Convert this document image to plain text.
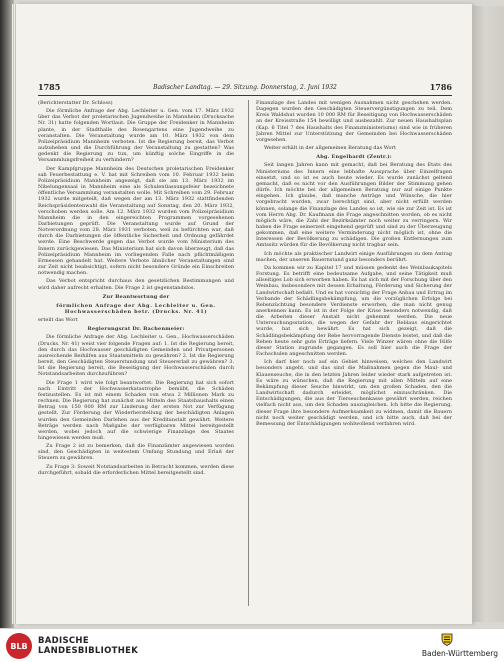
1785	Badischer Landtag. — 29. Sitzung. Donnerstag, 2. Juni 1932	1786

(Berichterstatter Dr. Schloss)

Die förmliche Anfrage der Abg. Lechleiter u. Gen. vom 17. März 1932 über das Verbot der proletarischen Jugendweihe in Mannheim (Drucksache Nr. 31) hatte folgenden Wortlaut: Die Gruppe der Freidenker in Mannheim plante, in der Stadthalle des Rosengartens eine Jugendweihe zu veranstalten. Die Veranstaltung wurde am 10. März 1932 von dem Polizeipräsidium Mannheim verboten. Ist die Regierung bereit, das Verbot aufzuheben und die Durchführung der Veranstaltung zu gestatten? Was gedenkt die Regierung zu tun, um künftig solche Eingriffe in die Versammlungsfreiheit zu verhindern?

Der Kampfgruppe Mannheim des Deutschen proletarischen Freidenker sah Feuerbestattung e. V. hat mit Schreiben vom 10. Februar 1932 beim Polizeipräsidium Mannheim angezeigt, daß sie am 13. März 1932 im Nibelungensaal in Mannheim eine als Schulentlassungsfeier bezeichnete öffentliche Versammlung veranstalten wolle. Mit Schreiben vom 29. Februar 1932 wurde mitgeteilt, daß wegen der am 13. März 1932 stattfindenden Reichspräsidentenwahl die Veranstaltung auf Sonntag, den 20. März 1932, verschoben werden solle. Am 12. März 1932 wurden vom Polizeipräsidium Mannheim die in den eingereichten Programmen vorgesehenen Darbietungen geprüft. Die Veranstaltung wurde auf Grund der Notverordnung vom 28. März 1931 verboten, weil zu befürchten war, daß durch die Darbietungen die öffentliche Sicherheit und Ordnung gefährdet werde. Eine Beschwerde gegen das Verbot wurde vom Ministerium des Innern zurückgewiesen. Das Ministerium hat sich davon überzeugt, daß das Polizeipräsidium Mannheim im vorliegenden Falle nach pflichtmäßigem Ermessen gehandelt hat. Weitere Verbote ähnlicher Veranstaltungen sind zur Zeit nicht beabsichtigt, sofern nicht besondere Gründe ein Einschreiten notwendig machen.

Das Verbot entspricht durchaus den gesetzlichen Bestimmungen und wird daher aufrecht erhalten. Die Frage 2 ist gegenstandslos.

Zur Beantwortung der

förmlichen Anfrage der Abg. Lechleiter u. Gen. Hochwasserschäden betr. (Drucks. Nr. 41)

erteilt das Wort

Regierungsrat Dr. Bachenmeier:

Die förmliche Anfrage der Abg. Lechleiter u. Gen., Hochwasserschäden (Drucks. Nr. 41) weist vier folgende Fragen auf: 1. Ist die Regierung bereit, den durch das Hochwasser geschädigten Gemeinden und Privatpersonen ausreichende Beihilfen aus Staatsmitteln zu gewähren? 2. Ist die Regierung bereit, den Geschädigten Steuerstundung und Steuererlaß zu gewähren? 3. Ist die Regierung bereit, die Beseitigung der Hochwasserschäden durch Notstandsarbeiten durchzuführen?

Die Frage 1 wird wie folgt beantwortet: Die Regierung hat sich sofort nach Eintritt der Hochwasserkatastrophe bemüht, die Schäden festzustellen. Es ist mit einem Schaden von etwa 2 Millionen Mark zu rechnen. Die Regierung hat zunächst aus Mitteln des Staatshaushalts einen Betrag von 150 000 RM zur Linderung der ersten Not zur Verfügung gestellt. Zur Förderung der Wiederherstellung der beschädigten Anlagen wurden den Gemeinden Darlehen aus der Kreditanstalt gewährt. Weitere Beträge werden nach Maßgabe der verfügbaren Mittel bereitgestellt werden, wobei jedoch auf die schwierige Finanzlage des Staates hingewiesen werden muß.

Zu Frage 2 ist zu bemerken, daß die Finanzämter angewiesen worden sind, den Geschädigten in weitestem Umfang Stundung und Erlaß der Steuern zu gewähren.

Zu Frage 3: Soweit Notstandsarbeiten in Betracht kommen, werden diese durchgeführt, sobald die erforderlichen Mittel bereitgestellt sind.

Finanzlage des Landes mit wenigen Ausnahmen nicht geschehen werden. Dagegen wurden den Geschädigten Steuervergünstigungen zu teil. Dem Kreis Waldshut wurden 10 000 RM für Beseitigung von Hochwasserschäden an der Kreisstraße 154 bewilligt und ausbezahlt. Zur neuen Haushaltsplan (Kap. 6 Titel 7 des Haushalts des Finanzministeriums) sind wie in früheren Jahren Mittel zur Unterstützung der Gemeinden bei Hochwasserschäden vorgesehen.

Weiter erhält in der allgemeinen Beratung das Wort

Abg. Engelhardt (Zentr.):

Seit langen Jahren kann mit gemacht, daß bei Beratung des Etats des Ministeriums des Innern eine lebhafte Aussprache über Einzelfragen einsetzt, und so ist es auch heute wieder. Es wurde zunächst geltend gemacht, daß es nicht vor den Ausführungen Bilder der Stimmung gehen dürfe. Ich möchte bei der allgemeinen Beratung nur auf einige Punkte eingehen. Ich glaube, daß manche Anträge und Wünsche, die hier vorgebracht wurden, zwar berechtigt sind, aber nicht erfüllt werden können, solange die Finanzlage des Landes so ist, wie sie zur Zeit ist. Es ist vom Herrn Abg. Dr. Kaufmann die Frage angeschnitten worden, ob es nicht möglich wäre, die Zahl der Bezirksämter noch weiter zu verringern. Wir haben die Frage seinerzeit eingehend geprüft und sind zu der Überzeugung gekommen, daß eine weitere Verminderung nicht möglich ist, ohne die Interessen der Bevölkerung zu schädigen. Die großen Entfernungen zum Amtssitz würden für die Bevölkerung nicht tragbar sein.

Ich möchte als praktischer Landwirt einige Ausführungen zu dem Antrag machen, der unseren Bauernstand ganz besonders berührt.

Da kommen wir zu Kapitel 17 und müssen gedenkt des Weinbaukapitels Forstung. Es betrifft eine bedeutsame Aufgabe, und seine Tätigkeit muß allseitiges Lob sich erworben haben. Es hat sich mit der Forschung über den Weinbau, insbesondere mit dessen Erhaltung, Förderung und Sicherung der Landwirtschaft befaßt. Und es hat vorsichtig der Frage Anbau und Ertrag im Verbande der Schädlingsbekämpfung, um die vorzüglichen Erfolge bei Rebenzüchtung besondere Verdienste erworben, die man nicht genug anerkennen kann. Es ist in der Folge der Krise besonders notwendig, daß die Arbeiten dieser Anstalt nicht gehemmt werden. Die neue Untersuchungsstation, die wegen der Gefahr der Reblaus eingerichtet wurde, hat sich bewährt. Es hat sich gezeigt, daß die Schädlingsbekämpfung der Rebe hervorragende Dienste leistet, und daß die Reben heute sehr gute Erträge liefern. Viele Winzer wären ohne die Hilfe dieser Station zugrunde gegangen. Es soll hier auch die Frage der Fachschulen angeschnitten werden.

Ich darf hier noch auf ein Gebiet hinweisen, welches den Landwirt besonders angeht, und das sind die Maßnahmen gegen die Maul- und Klauenseuche, die in den letzten Jahren leider wieder stark aufgetreten ist. Es wäre zu wünschen, daß die Regierung mit allen Mitteln auf eine Bekämpfung dieser Seuche hinwirkt, um den großen Schaden, den die Landwirtschaft dadurch erleidet, möglichst einzuschränken. Die Entschädigungen, die aus der Tierseuchenkasse gewährt werden, reichen vielfach nicht aus, um den Schaden auszugleichen. Ich bitte die Regierung, dieser Frage ihre besondere Aufmerksamkeit zu widmen, damit die Bauern nicht noch weiter geschädigt werden, und ich bitte auch, daß bei der Bemessung der Entschädigungen wohlwollend verfahren wird.

BLB BADISCHE
LANDESBIBLIOTHEK	Baden-Württemberg
